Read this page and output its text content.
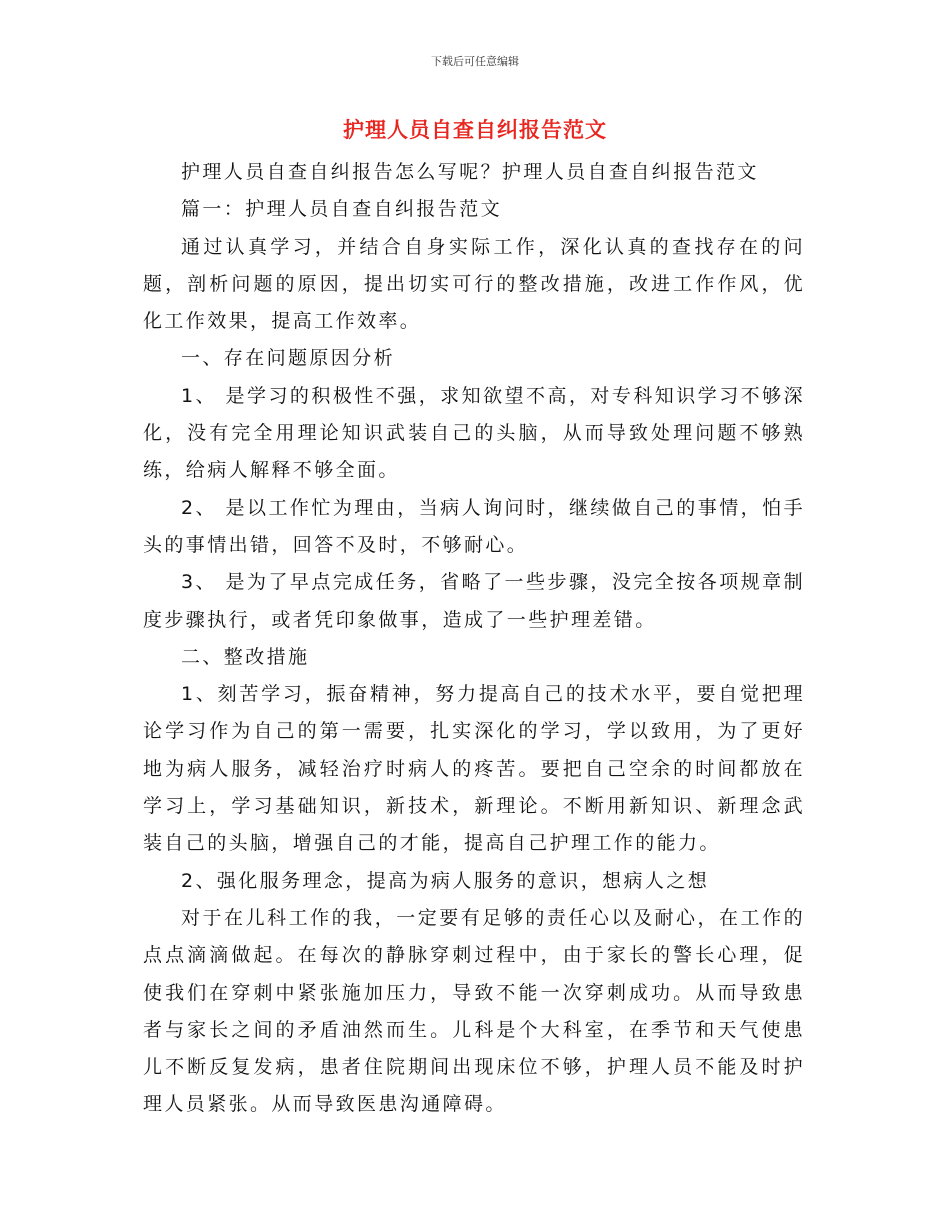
下载后可任意编辑
护理人员自查自纠报告范文

护理人员自查自纠报告怎么写呢？护理人员自查自纠报告范文

篇一：护理人员自查自纠报告范文

通过认真学习，并结合自身实际工作，深化认真的查找存在的问题，剖析问题的原因，提出切实可行的整改措施，改进工作作风，优化工作效果，提高工作效率。

一、存在问题原因分析

1、 是学习的积极性不强，求知欲望不高，对专科知识学习不够深化，没有完全用理论知识武装自己的头脑，从而导致处理问题不够熟练，给病人解释不够全面。

2、 是以工作忙为理由，当病人询问时，继续做自己的事情，怕手头的事情出错，回答不及时，不够耐心。

3、 是为了早点完成任务，省略了一些步骤，没完全按各项规章制度步骤执行，或者凭印象做事，造成了一些护理差错。

二、整改措施

1、刻苦学习，振奋精神，努力提高自己的技术水平，要自觉把理论学习作为自己的第一需要，扎实深化的学习，学以致用，为了更好地为病人服务，减轻治疗时病人的疼苦。要把自己空余的时间都放在学习上，学习基础知识，新技术，新理论。不断用新知识、新理念武装自己的头脑，增强自己的才能，提高自己护理工作的能力。

2、强化服务理念，提高为病人服务的意识，想病人之想

对于在儿科工作的我，一定要有足够的责任心以及耐心，在工作的点点滴滴做起。在每次的静脉穿刺过程中，由于家长的警长心理，促使我们在穿刺中紧张施加压力，导致不能一次穿刺成功。从而导致患者与家长之间的矛盾油然而生。儿科是个大科室，在季节和天气使患儿不断反复发病，患者住院期间出现床位不够，护理人员不能及时护理人员紧张。从而导致医患沟通障碍。
